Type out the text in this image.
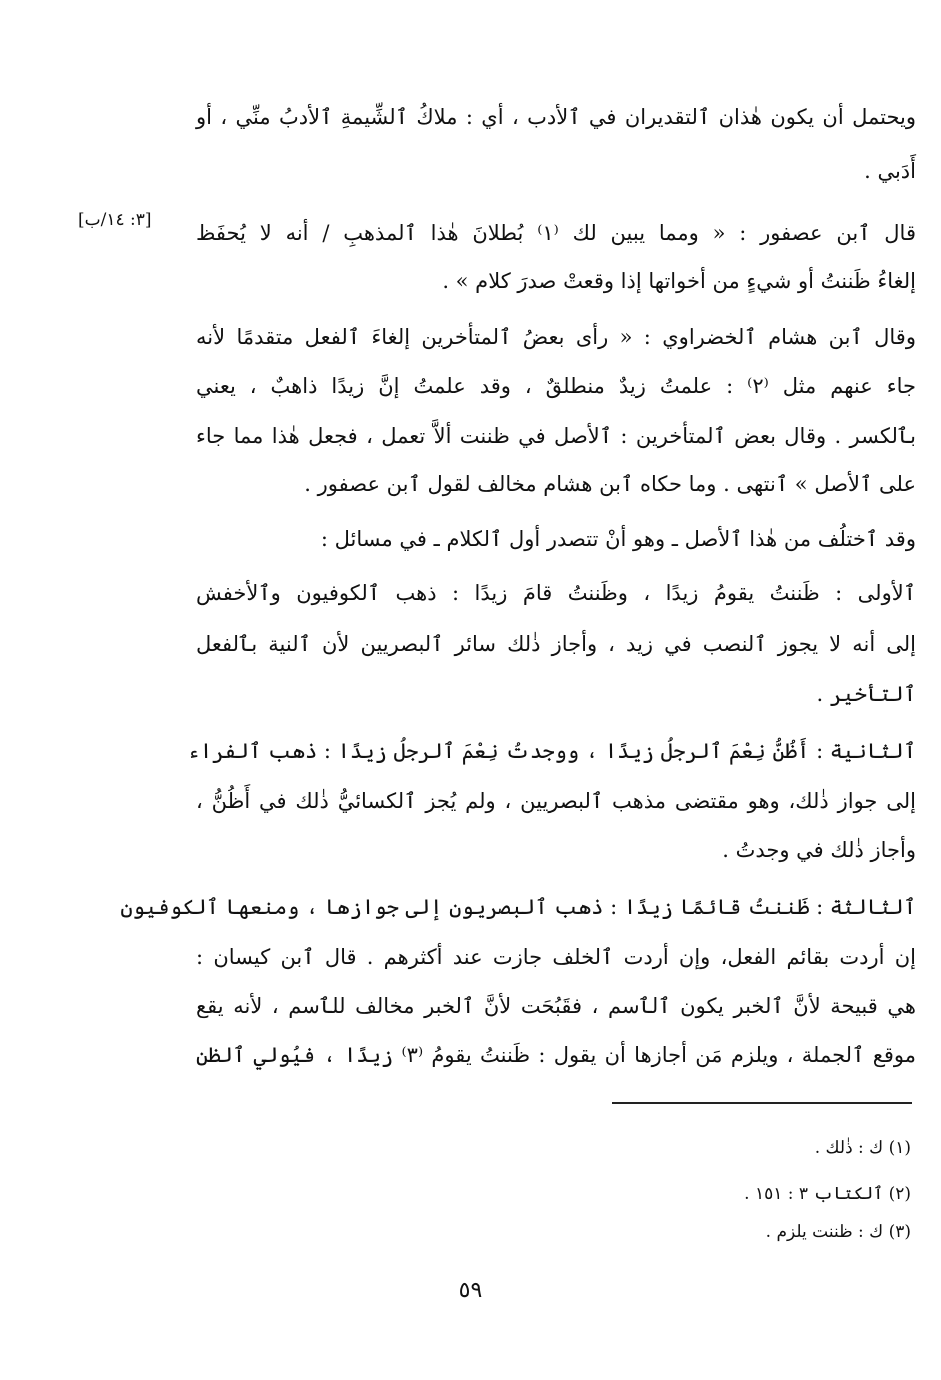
ويحتمل أن يكون هٰذان ٱلتقديران في ٱلأدب ، أي : ملاكُ ٱلشِّيمةِ ٱلأدبُ منِّي ، أو
أَدَبي .
قال ٱبن عصفور : « ومما يبين لك ⁽١⁾ بُطلانَ هٰذا ٱلمذهبِ / أنه لا يُحفَظ
إلغاءُ ظَننتُ أو شيءٍ من أخواتها إذا وقعتْ صدرَ كلام » .
وقال ٱبن هشام ٱلخضراوي : « رأى بعضُ ٱلمتأخرين إلغاءَ ٱلفعل متقدمًا لأنه
جاء عنهم مثل ⁽٢⁾ : علمتُ زيدٌ منطلقٌ ، وقد علمتُ إنَّ زيدًا ذاهبٌ ، يعني
بٱلكسر . وقال بعض ٱلمتأخرين : ٱلأصل في ظننت ألاَّ تعمل ، فجعل هٰذا مما جاء
على ٱلأصل » ٱنتهى . وما حكاه ٱبن هشام مخالف لقول ٱبن عصفور .
وقد ٱختلُف من هٰذا ٱلأصل ـ وهو أنْ تتصدر أول ٱلكلام ـ في مسائل :
ٱلأولى : ظَننتُ يقومُ زيدًا ، وظَننتُ قامَ زيدًا : ذهب ٱلكوفيون وٱلأخفش
إلى أنه لا يجوز ٱلنصب في زيد ، وأجاز ذٰلك سائر ٱلبصريين لأن ٱلنية بٱلفعل
ٱلتأخير .
ٱلثانية : أَظُنُّ نِعْمَ ٱلرجلُ زيدًا ، ووجدتُ نِعْمَ ٱلرجلُ زيدًا : ذهب ٱلفراء
إلى جواز ذٰلك، وهو مقتضى مذهب ٱلبصريين ، ولم يُجز ٱلكسائيُّ ذٰلك في أَظُنُّ ،
وأجاز ذٰلك في وجدتُ .
ٱلثالثة : ظَننتُ قائمًا زيدًا : ذهب ٱلبصريون إلى جوازها ، ومنعها ٱلكوفيون
إن أردت بقائم الفعل، وإن أردت ٱلخلف جازت عند أكثرهم . قال ٱبن كيسان :
هي قبيحة لأنَّ ٱلخبر يكون ٱلٱسم ، فقَبُحَت لأنَّ ٱلخبر مخالف للٱسم ، لأنه يقع
موقع ٱلجملة ، ويلزم مَن أجازها أن يقول : ظَننتُ يقومُ ⁽٣⁾ زيدًا ، فيُولي ٱلظن
[٣: ١٤/ب]
(١) ك : ذٰلك .
(٢) ٱلكتاب ٣ : ١٥١ .
(٣) ك : ظننت يلزم .
٥٩
